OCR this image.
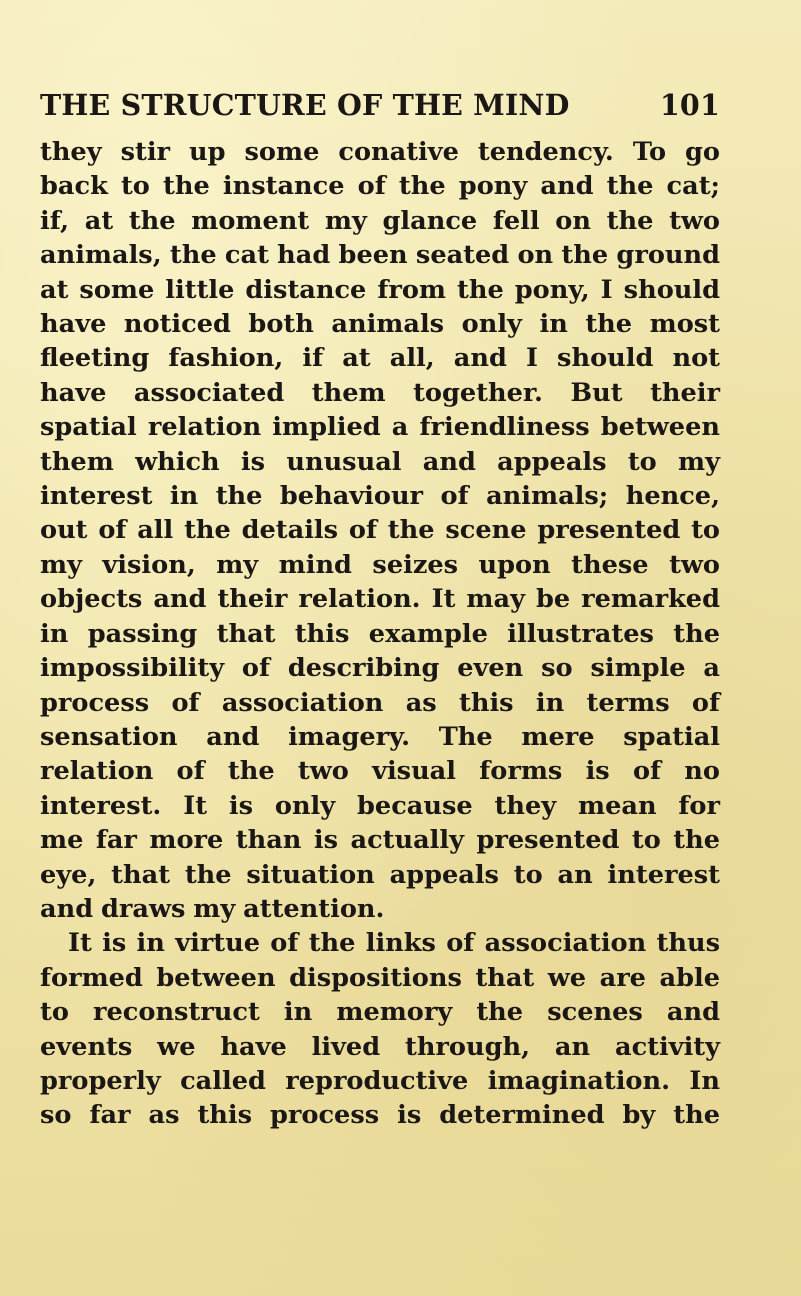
THE STRUCTURE OF THE MIND	101
they stir up some conative tendency. To go
back to the instance of the pony and the cat;
if, at the moment my glance fell on the two
animals, the cat had been seated on the ground
at some little distance from the pony, I should
have noticed both animals only in the most
fleeting fashion, if at all, and I should not
have associated them together. But their
spatial relation implied a friendliness between
them which is unusual and appeals to my
interest in the behaviour of animals; hence,
out of all the details of the scene presented to
my vision, my mind seizes upon these two
objects and their relation. It may be remarked
in passing that this example illustrates the
impossibility of describing even so simple a
process of association as this in terms of
sensation and imagery. The mere spatial
relation of the two visual forms is of no
interest. It is only because they mean for
me far more than is actually presented to the
eye, that the situation appeals to an interest
and draws my attention.
It is in virtue of the links of association thus
formed between dispositions that we are able
to reconstruct in memory the scenes and
events we have lived through, an activity
properly called reproductive imagination. In
so far as this process is determined by the
